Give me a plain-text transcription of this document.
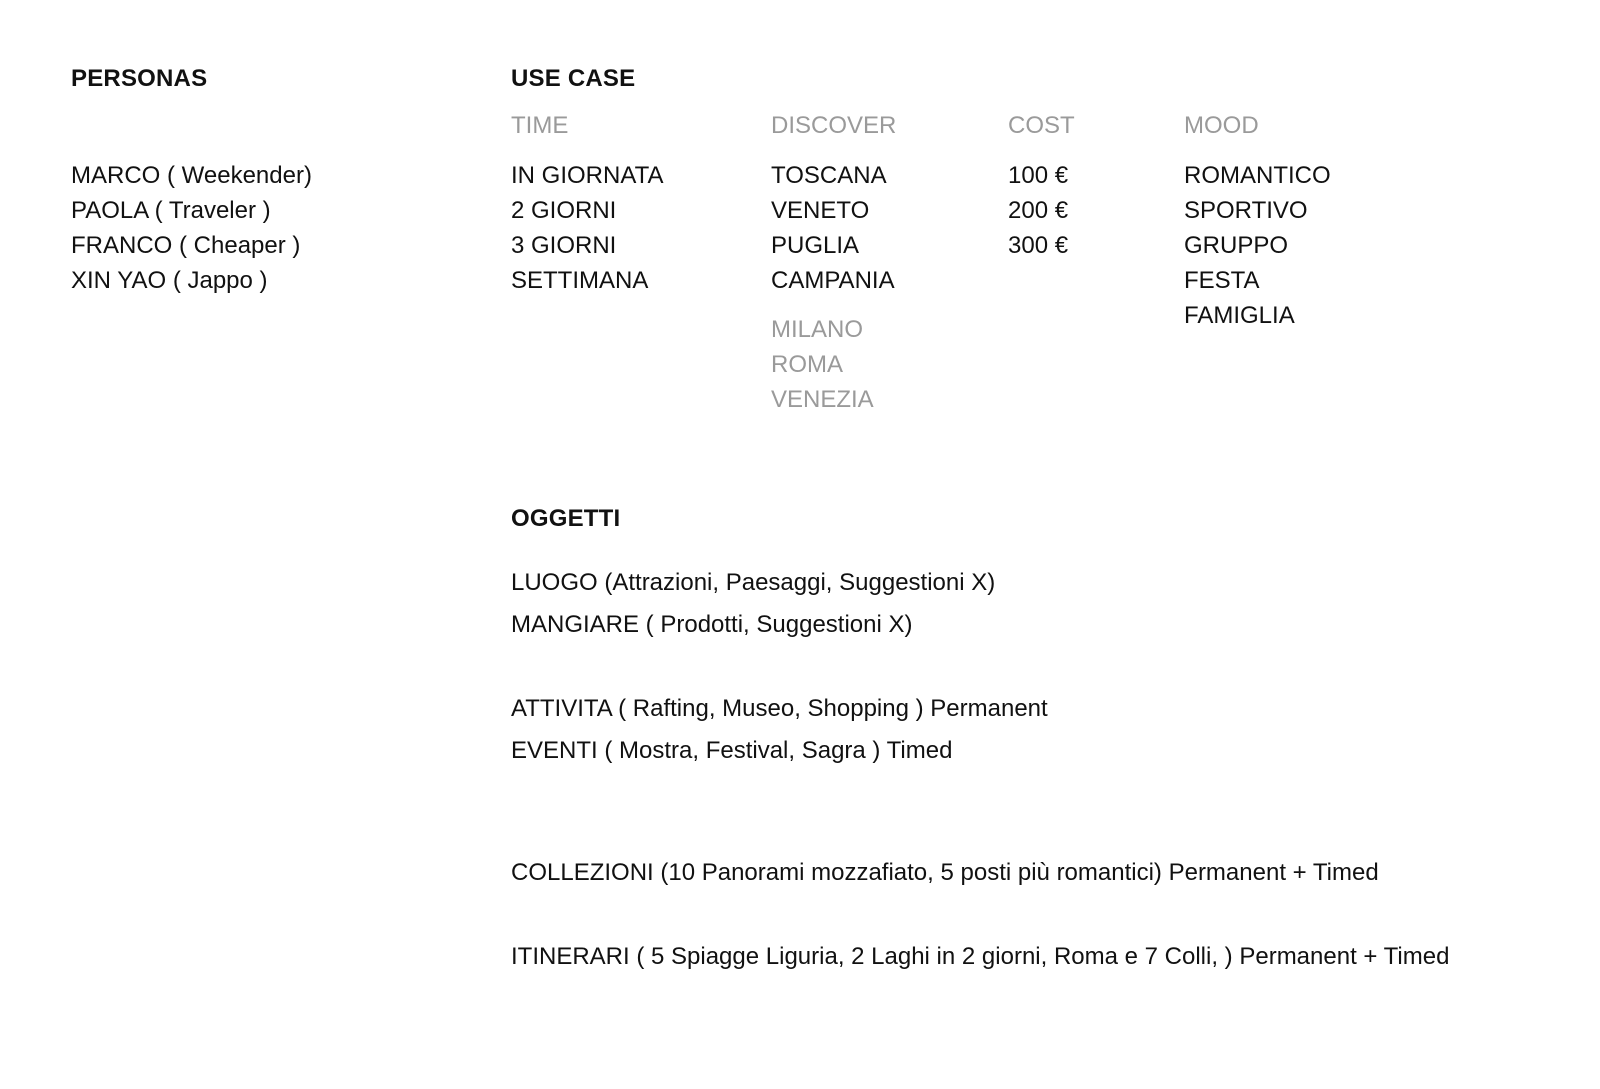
PERSONAS
MARCO ( Weekender)
PAOLA ( Traveler )
FRANCO ( Cheaper )
XIN YAO ( Jappo )
USE CASE
TIME
IN GIORNATA
2 GIORNI
3 GIORNI
SETTIMANA
DISCOVER
TOSCANA
VENETO
PUGLIA
CAMPANIA
MILANO
ROMA
VENEZIA
COST
100 €
200 €
300 €
MOOD
ROMANTICO
SPORTIVO
GRUPPO
FESTA
FAMIGLIA
OGGETTI
LUOGO (Attrazioni, Paesaggi, Suggestioni X)
MANGIARE ( Prodotti, Suggestioni X)
ATTIVITA ( Rafting, Museo, Shopping ) Permanent
EVENTI ( Mostra, Festival, Sagra ) Timed
COLLEZIONI (10 Panorami mozzafiato, 5 posti più romantici) Permanent + Timed
ITINERARI ( 5 Spiagge Liguria, 2 Laghi in 2 giorni, Roma e 7 Colli, ) Permanent + Timed
